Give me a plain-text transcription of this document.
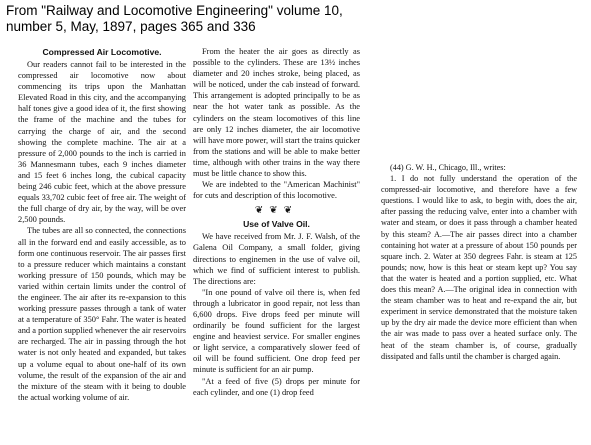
From "Railway and Locomotive Engineering" volume 10,
number 5, May, 1897, pages 365 and 336
Compressed Air Locomotive.

Our readers cannot fail to be interested in the compressed air locomotive now about commencing its trips upon the Manhattan Elevated Road in this city, and the accompanying half tones give a good idea of it, the first showing the frame of the machine and the tubes for carrying the charge of air, and the second showing the complete machine. The air at a pressure of 2,000 pounds to the inch is carried in 36 Mannesmann tubes, each 9 inches diameter and 15 feet 6 inches long, the cubical capacity being 246 cubic feet, which at the above pressure equals 33,702 cubic feet of free air. The weight of the full charge of dry air, by the way, will be over 2,500 pounds.

The tubes are all so connected, the connections all in the forward end and easily accessible, as to form one continuous reservoir. The air passes first to a pressure reducer which maintains a constant working pressure of 150 pounds, which may be varied within certain limits under the control of the engineer. The air after its re-expansion to this working pressure passes through a tank of water at a temperature of 350° Fahr. The water is heated and a portion supplied whenever the air reservoirs are recharged. The air in passing through the hot water is not only heated and expanded, but takes up a volume equal to about one-half of its own volume, the result of the expansion of the air and the mixture of the steam with it being to double the actual working volume of air.

From the heater the air goes as directly as possible to the cylinders. These are 13½ inches diameter and 20 inches stroke, being placed, as will be noticed, under the cab instead of forward. This arrangement is adopted principally to be as near the hot water tank as possible. As the cylinders on the steam locomotives of this line are only 12 inches diameter, the air locomotive will have more power, will start the trains quicker from the stations and will be able to make better time, although with other trains in the way there must be little chance to show this.

We are indebted to the "American Machinist" for cuts and description of this locomotive.

❦❦❦
Use of Valve Oil.

We have received from Mr. J. F. Walsh, of the Galena Oil Company, a small folder, giving directions to enginemen in the use of valve oil, which we find of sufficient interest to publish. The directions are:

"In one pound of valve oil there is, when fed through a lubricator in good repair, not less than 6,600 drops. Five drops feed per minute will ordinarily be found sufficient for the largest engine and heaviest service. For smaller engines or light service, a comparatively slower feed of oil will be found sufficient. One drop feed per minute is sufficient for an air pump.

"At a feed of five (5) drops per minute for each cylinder, and one (1) drop feed

(44) G. W. H., Chicago, Ill., writes:

1. I do not fully understand the operation of the compressed-air locomotive, and therefore have a few questions. I would like to ask, to begin with, does the air, after passing the reducing valve, enter into a chamber with water and steam, or does it pass through a chamber heated by this steam? A.—The air passes direct into a chamber containing hot water at a pressure of about 150 pounds per square inch. 2. Water at 350 degrees Fahr. is steam at 125 pounds; now, how is this heat or steam kept up? You say that the water is heated and a portion supplied, etc. What does this mean? A.—The original idea in connection with the steam chamber was to heat and re-expand the air, but experiment in service demonstrated that the moisture taken up by the dry air made the device more efficient than when the air was made to pass over a heated surface only. The heat of the steam chamber is, of course, gradually dissipated and falls until the chamber is charged again.
